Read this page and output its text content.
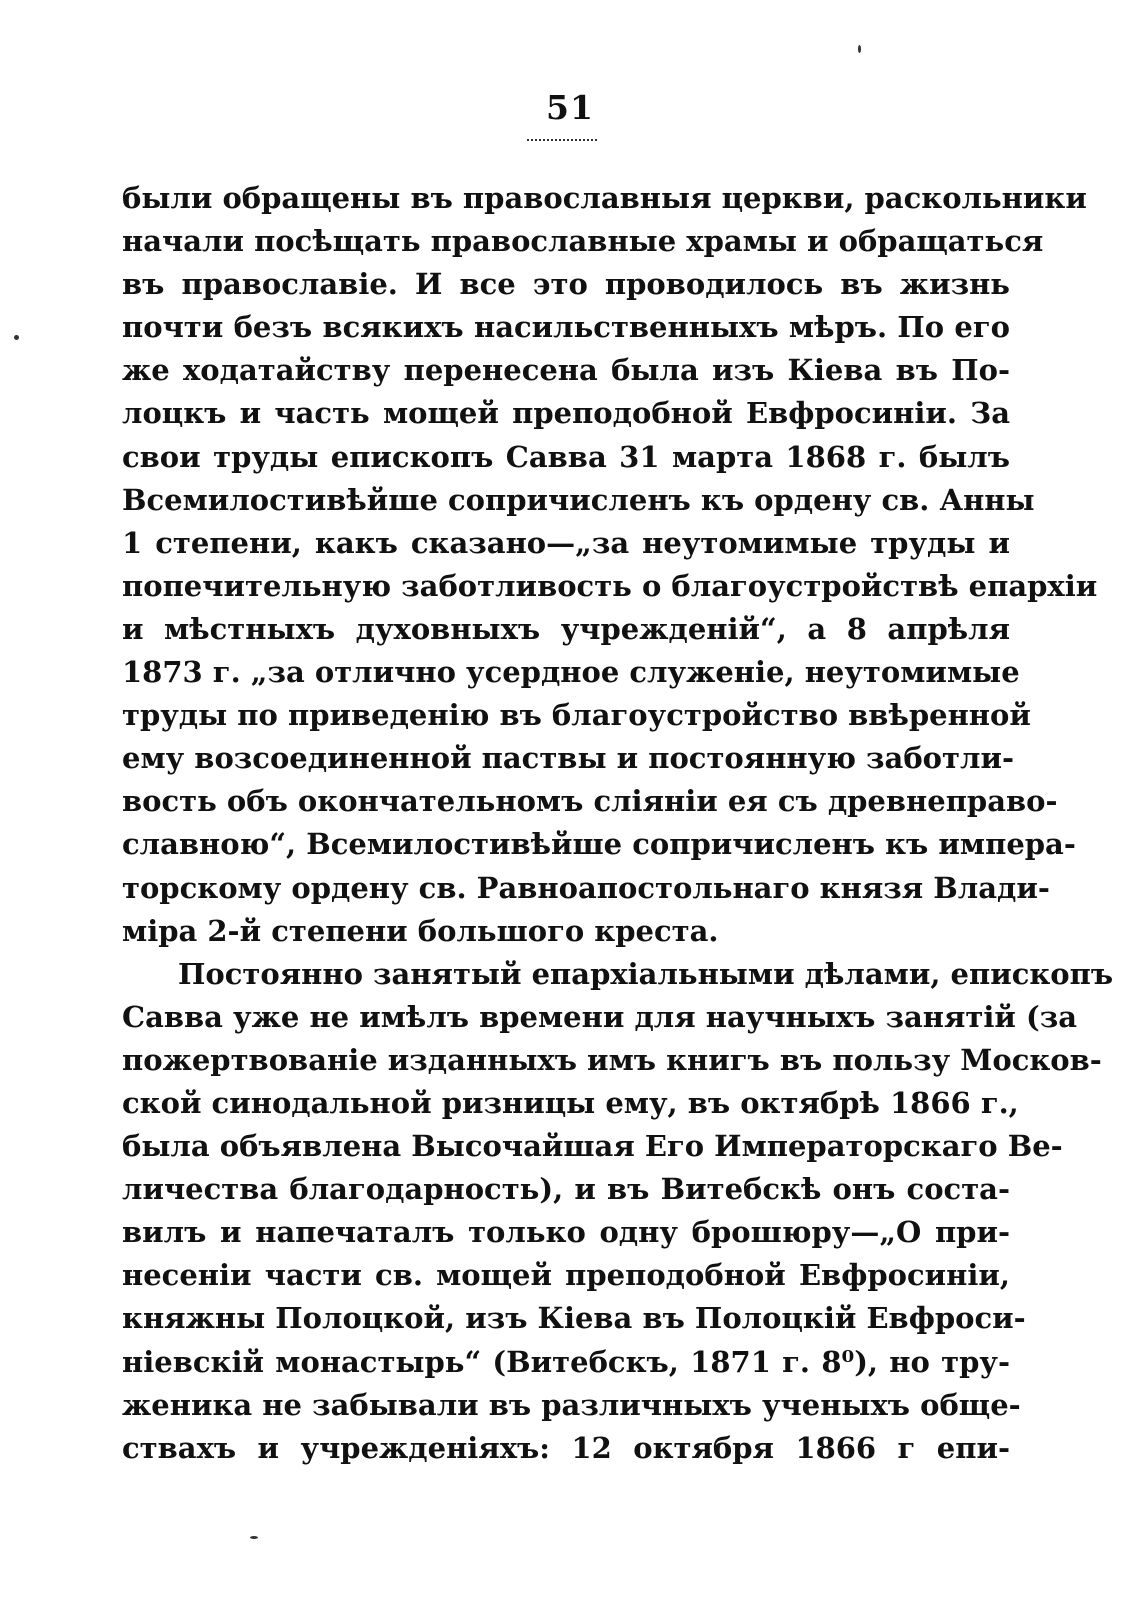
51
были обращены въ православныя церкви, раскольники
начали посѣщать православные храмы и обращаться
въ православіе. И все это проводилось въ жизнь
почти безъ всякихъ насильственныхъ мѣръ. По его
же ходатайству перенесена была изъ Кіева въ По-
лоцкъ и часть мощей преподобной Евфросиніи. За
свои труды епископъ Савва 31 марта 1868 г. былъ
Всемилостивѣйше сопричисленъ къ ордену св. Анны
1 степени, какъ сказано—„за неутомимые труды и
попечительную заботливость о благоустройствѣ епархіи
и мѣстныхъ духовныхъ учрежденій“, а 8 апрѣля
1873 г. „за отлично усердное служеніе, неутомимые
труды по приведенію въ благоустройство ввѣренной
ему возсоединенной паствы и постоянную заботли-
вость объ окончательномъ сліяніи ея съ древнеправо-
славною“, Всемилостивѣйше сопричисленъ къ импера-
торскому ордену св. Равноапостольнаго князя Влади-
міра 2-й степени большого креста.
Постоянно занятый епархіальными дѣлами, епископъ
Савва уже не имѣлъ времени для научныхъ занятій (за
пожертвованіе изданныхъ имъ книгъ въ пользу Москов-
ской синодальной ризницы ему, въ октябрѣ 1866 г.,
была объявлена Высочайшая Его Императорскаго Ве-
личества благодарность), и въ Витебскѣ онъ соста-
вилъ и напечаталъ только одну брошюру—„О при-
несеніи части св. мощей преподобной Евфросиніи,
княжны Полоцкой, изъ Кіева въ Полоцкій Евфроси-
ніевскій монастырь“ (Витебскъ, 1871 г. 8⁰), но тру-
женика не забывали въ различныхъ ученыхъ обще-
ствахъ и учрежденіяхъ: 12 октября 1866 г епи-
